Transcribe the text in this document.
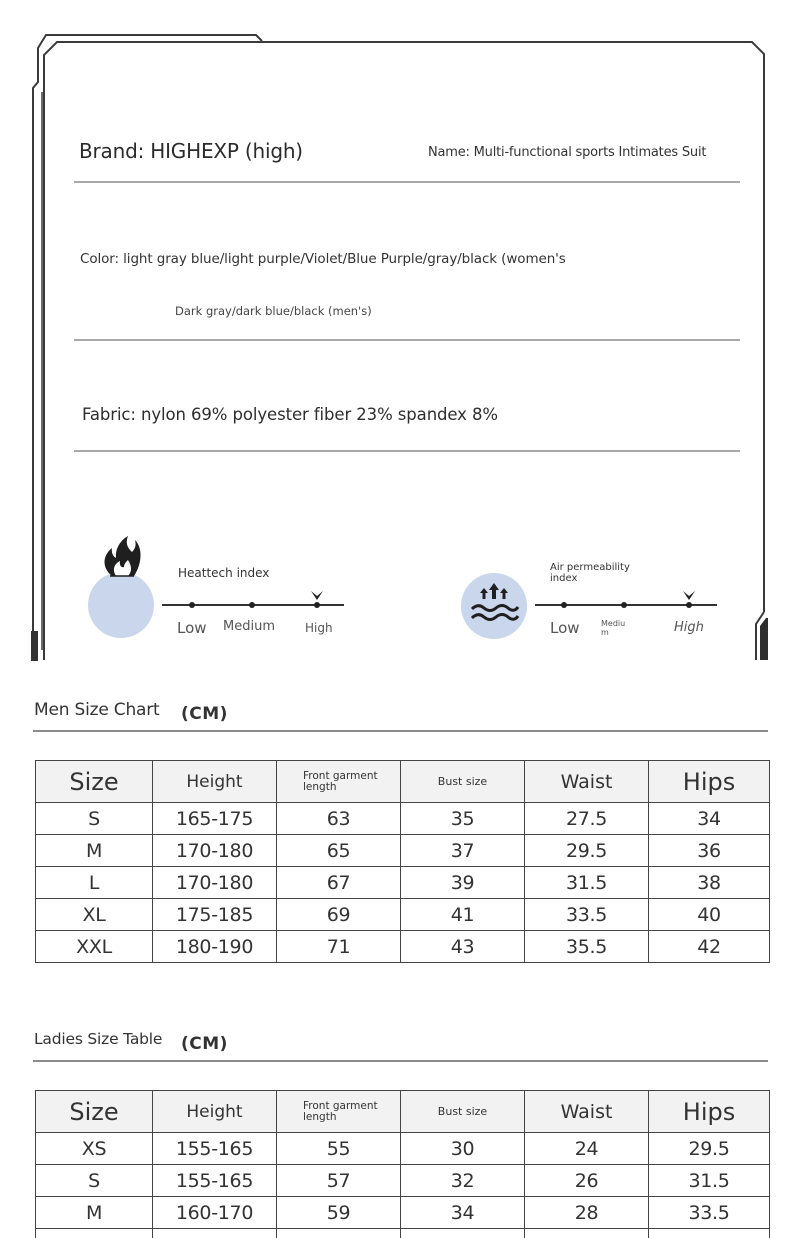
Brand: HIGHEXP (high)	Name: Multi-functional sports Intimates Suit
Color: light gray blue/light purple/Violet/Blue Purple/gray/black (women's
Dark gray/dark blue/black (men's)
Fabric: nylon 69% polyester fiber 23% spandex 8%
Heattech index
Low Medium	High
Air permeability
index
Low	Mediu
m	High
Men Size Chart (CM)
Size	Height	Front garment length	Bust size	Waist	Hips
S	165-175	63	35	27.5	34
M	170-180	65	37	29.5	36
L	170-180	67	39	31.5	38
XL	175-185	69	41	33.5	40
XXL	180-190	71	43	35.5	42
Ladies Size Table (CM)
Size	Height	Front garment length	Bust size	Waist	Hips
XS	155-165	55	30	24	29.5
S	155-165	57	32	26	31.5
M	160-170	59	34	28	33.5
